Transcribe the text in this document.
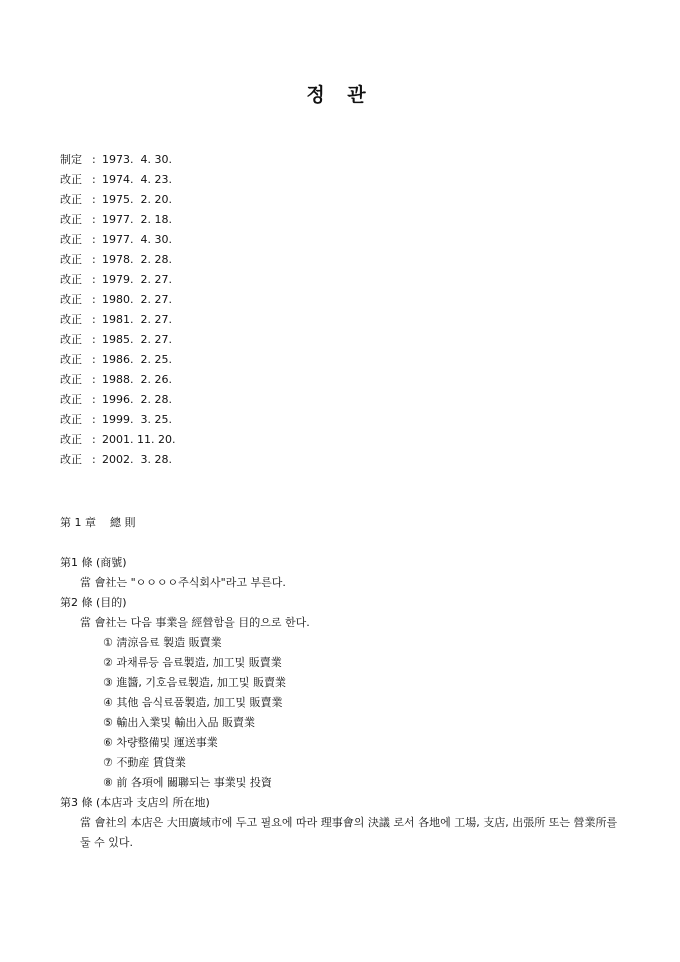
정 관
制定 : 1973.  4. 30.
改正 : 1974.  4. 23.
改正 : 1975.  2. 20.
改正 : 1977.  2. 18.
改正 : 1977.  4. 30.
改正 : 1978.  2. 28.
改正 : 1979.  2. 27.
改正 : 1980.  2. 27.
改正 : 1981.  2. 27.
改正 : 1985.  2. 27.
改正 : 1986.  2. 25.
改正 : 1988.  2. 26.
改正 : 1996.  2. 28.
改正 : 1999.  3. 25.
改正 : 2001. 11. 20.
改正 : 2002.  3. 28.
第 1 章    總 則
第1 條 (商號)
當 會社는 "ㅇㅇㅇㅇ주식회사"라고 부른다.
第2 條 (目的)
當 會社는 다음 事業을 經營함을 目的으로 한다.
① 淸涼음료 製造 販賣業
② 과채류등 음료製造, 加工및 販賣業
③ 進醬, 기호음료製造, 加工및 販賣業
④ 其他 음식료품製造, 加工및 販賣業
⑤ 輸出入業및 輸出入品 販賣業
⑥ 차량整備및 運送事業
⑦ 不動産 賃貸業
⑧ 前 各項에 關聯되는 事業및 投資
第3 條 (本店과 支店의 所在地)
當 會社의 本店은 大田廣域市에 두고 필요에 따라 理事會의 決議 로서 各地에 工場, 支店, 出張所 또는 營業所를 둘 수 있다.
